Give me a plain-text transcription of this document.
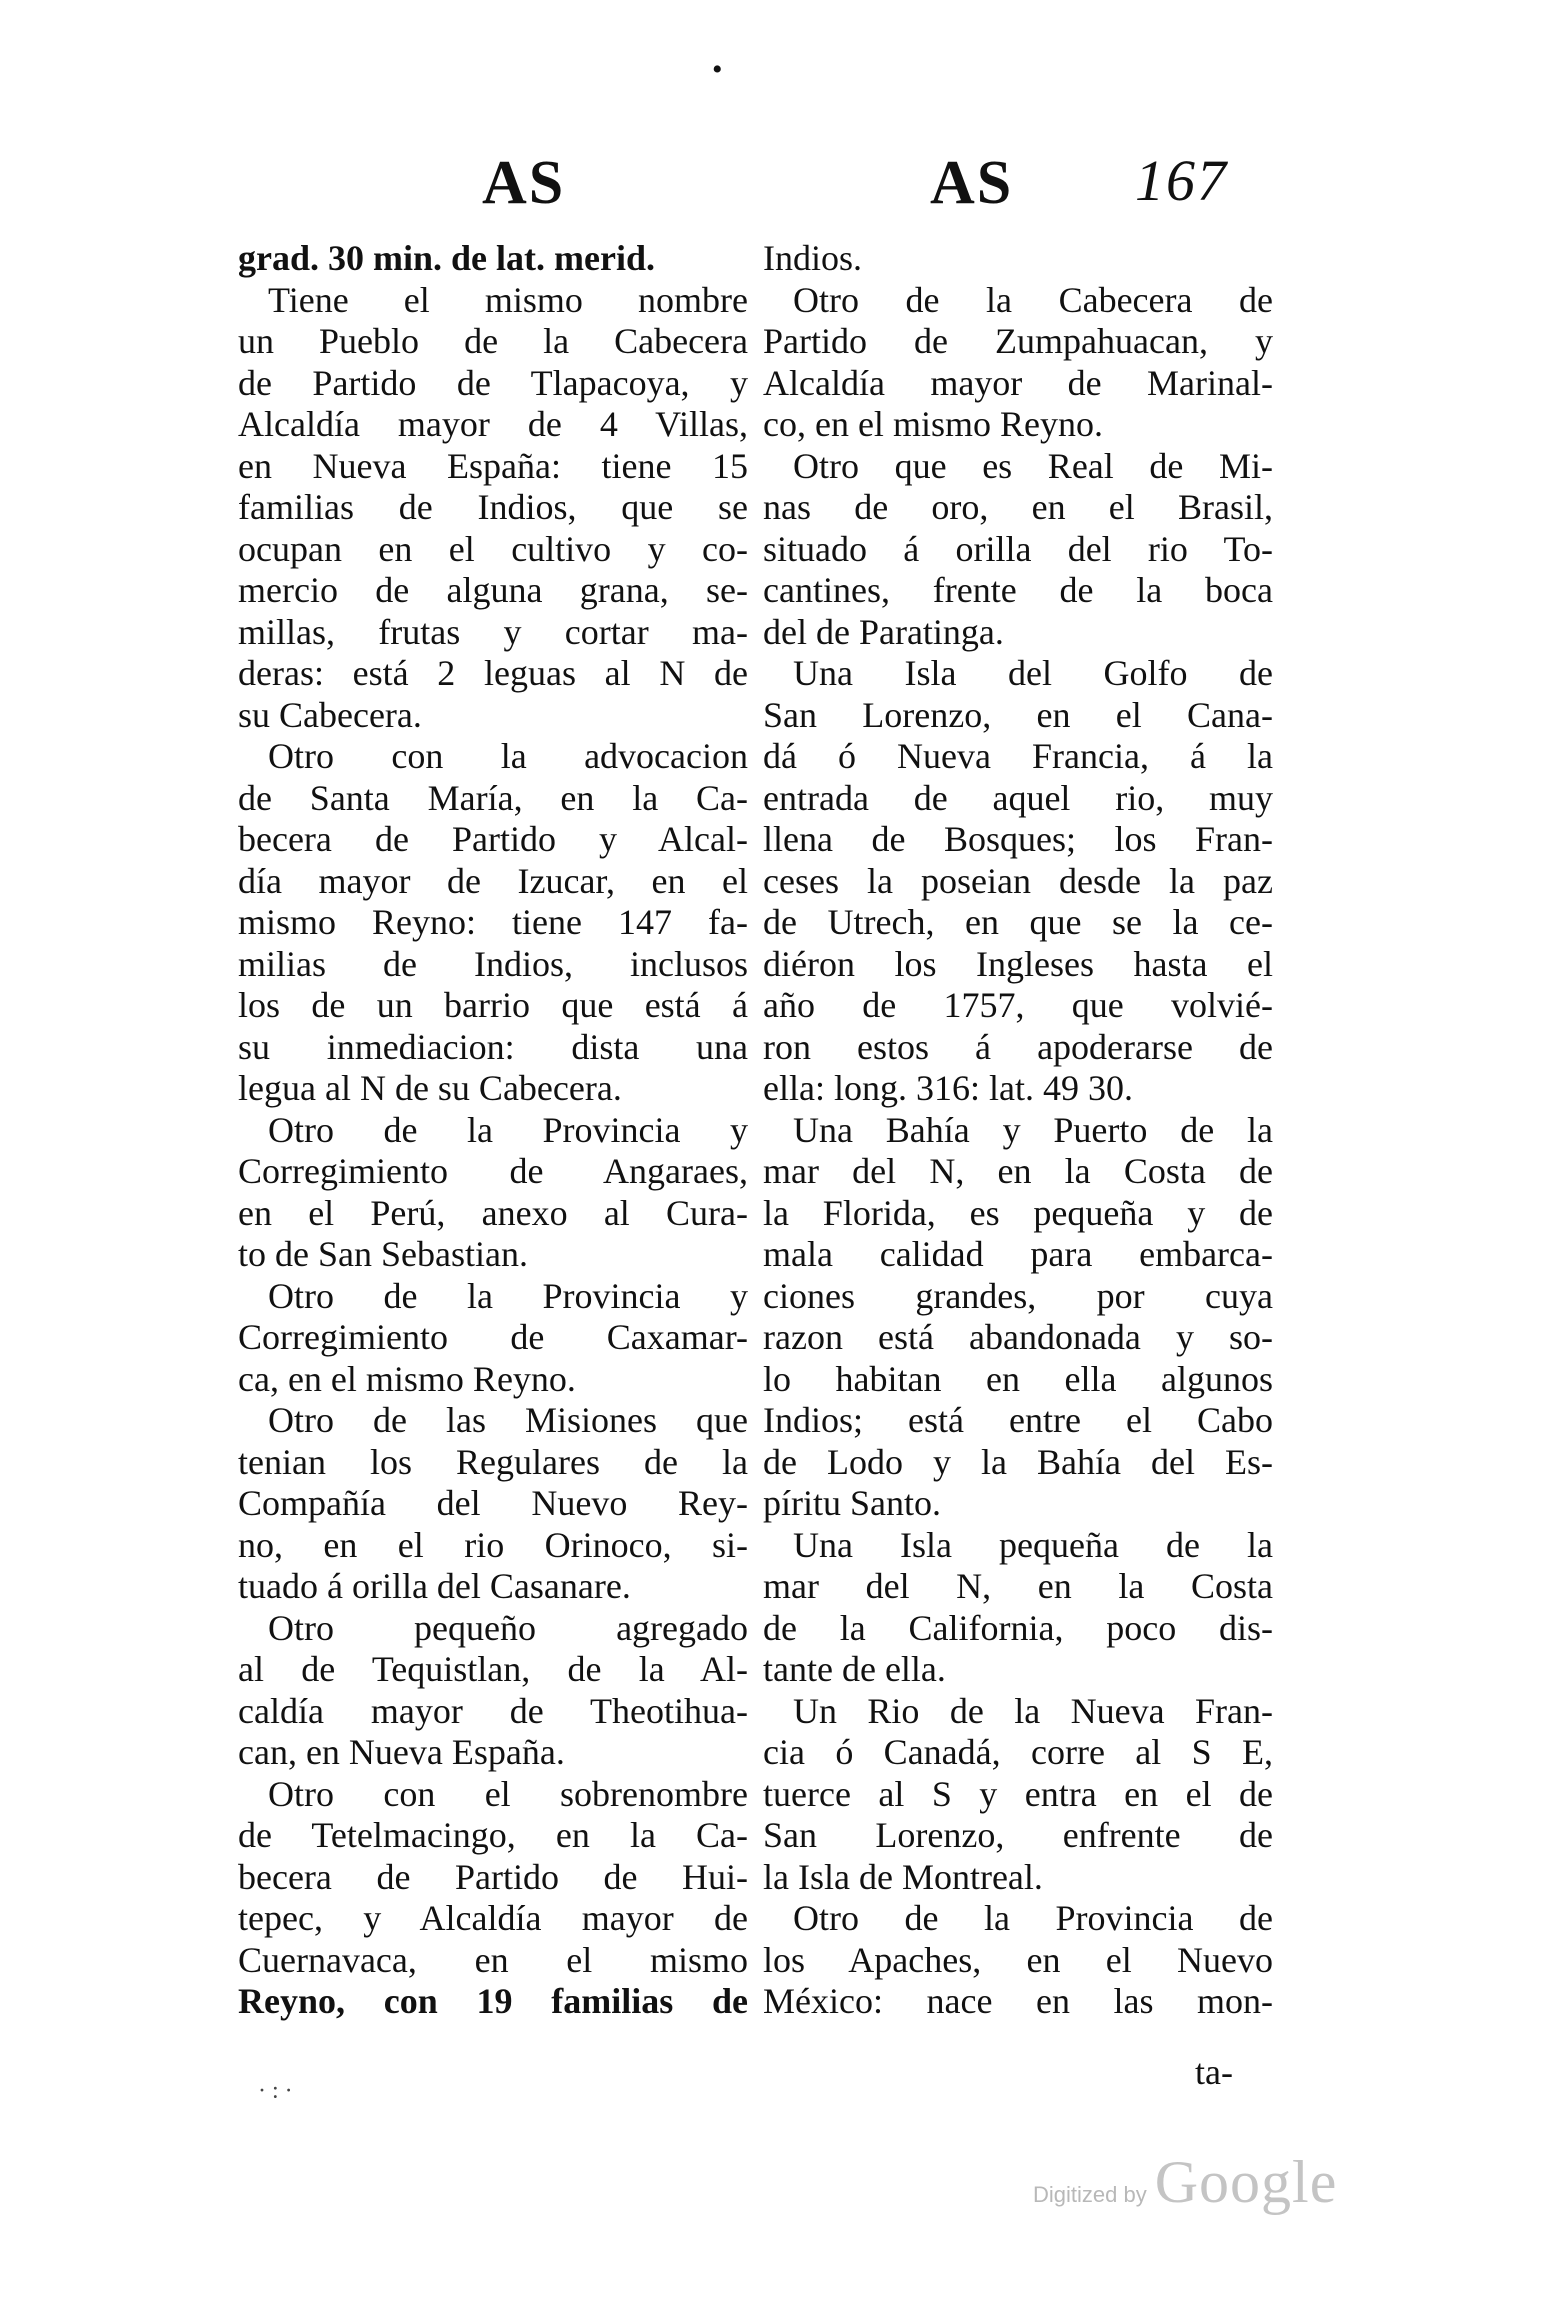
•
AS	AS 167
grad. 30 min. de lat. merid.
Tiene el mismo nombre
un Pueblo de la Cabecera
de Partido de Tlapacoya, y
Alcaldía mayor de 4 Villas,
en Nueva España: tiene 15
familias de Indios, que se
ocupan en el cultivo y co-
mercio de alguna grana, se-
millas, frutas y cortar ma-
deras: está 2 leguas al N de
su Cabecera.
Otro con la advocacion
de Santa María, en la Ca-
becera de Partido y Alcal-
día mayor de Izucar, en el
mismo Reyno: tiene 147 fa-
milias de Indios, inclusos
los de un barrio que está á
su inmediacion: dista una
legua al N de su Cabecera.
Otro de la Provincia y
Corregimiento de Angaraes,
en el Perú, anexo al Cura-
to de San Sebastian.
Otro de la Provincia y
Corregimiento de Caxamar-
ca, en el mismo Reyno.
Otro de las Misiones que
tenian los Regulares de la
Compañía del Nuevo Rey-
no, en el rio Orinoco, si-
tuado á orilla del Casanare.
Otro pequeño agregado
al de Tequistlan, de la Al-
caldía mayor de Theotihua-
can, en Nueva España.
Otro con el sobrenombre
de Tetelmacingo, en la Ca-
becera de Partido de Hui-
tepec, y Alcaldía mayor de
Cuernavaca, en el mismo
Reyno, con 19 familias de
Indios.
Otro de la Cabecera de
Partido de Zumpahuacan, y
Alcaldía mayor de Marinal-
co, en el mismo Reyno.
Otro que es Real de Mi-
nas de oro, en el Brasil,
situado á orilla del rio To-
cantines, frente de la boca
del de Paratinga.
Una Isla del Golfo de
San Lorenzo, en el Cana-
dá ó Nueva Francia, á la
entrada de aquel rio, muy
llena de Bosques; los Fran-
ceses la poseian desde la paz
de Utrech, en que se la ce-
diéron los Ingleses hasta el
año de 1757, que volvié-
ron estos á apoderarse de
ella: long. 316: lat. 49 30.
Una Bahía y Puerto de la
mar del N, en la Costa de
la Florida, es pequeña y de
mala calidad para embarca-
ciones grandes, por cuya
razon está abandonada y so-
lo habitan en ella algunos
Indios; está entre el Cabo
de Lodo y la Bahía del Es-
píritu Santo.
Una Isla pequeña de la
mar del N, en la Costa
de la California, poco dis-
tante de ella.
Un Rio de la Nueva Fran-
cia ó Canadá, corre al S E,
tuerce al S y entra en el de
San Lorenzo, enfrente de
la Isla de Montreal.
Otro de la Provincia de
los Apaches, en el Nuevo
México: nace en las mon-
ta-
· : ·
Digitized by Google
